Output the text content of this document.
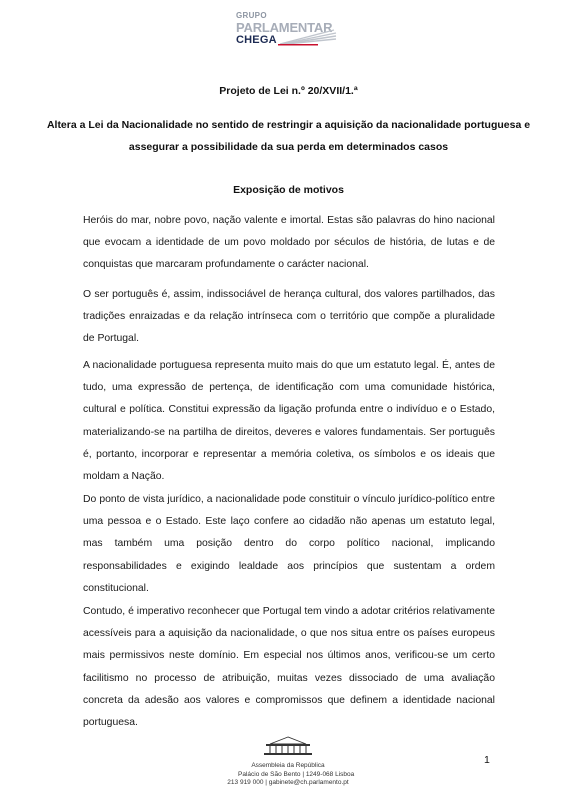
GRUPO
PARLAMENTAR
CHEGA
Projeto de Lei n.º 20/XVII/1.ª
Altera a Lei da Nacionalidade no sentido de restringir a aquisição da nacionalidade portuguesa e assegurar a possibilidade da sua perda em determinados casos
Exposição de motivos
Heróis do mar, nobre povo, nação valente e imortal. Estas são palavras do hino nacional que evocam a identidade de um povo moldado por séculos de história, de lutas e de conquistas que marcaram profundamente o carácter nacional.
O ser português é, assim, indissociável de herança cultural, dos valores partilhados, das tradições enraizadas e da relação intrínseca com o território que compõe a pluralidade de Portugal.
A nacionalidade portuguesa representa muito mais do que um estatuto legal. É, antes de tudo, uma expressão de pertença, de identificação com uma comunidade histórica, cultural e política. Constitui expressão da ligação profunda entre o indivíduo e o Estado, materializando-se na partilha de direitos, deveres e valores fundamentais. Ser português é, portanto, incorporar e representar a memória coletiva, os símbolos e os ideais que moldam a Nação.
Do ponto de vista jurídico, a nacionalidade pode constituir o vínculo jurídico-político entre uma pessoa e o Estado. Este laço confere ao cidadão não apenas um estatuto legal, mas também uma posição dentro do corpo político nacional, implicando responsabilidades e exigindo lealdade aos princípios que sustentam a ordem constitucional.
Contudo, é imperativo reconhecer que Portugal tem vindo a adotar critérios relativamente acessíveis para a aquisição da nacionalidade, o que nos situa entre os países europeus mais permissivos neste domínio. Em especial nos últimos anos, verificou-se um certo facilitismo no processo de atribuição, muitas vezes dissociado de uma avaliação concreta da adesão aos valores e compromissos que definem a identidade nacional portuguesa.
Assembleia da República
Palácio de São Bento | 1249-068 Lisboa
213 919 000 | gabinete@ch.parlamento.pt
1
